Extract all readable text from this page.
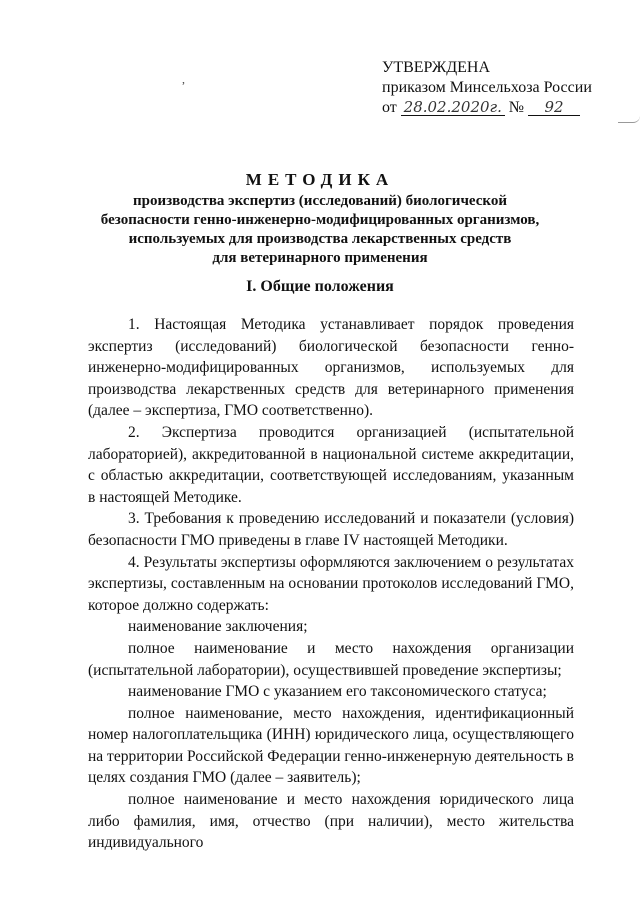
УТВЕРЖДЕНА
приказом Минсельхоза России
от 28.02.2020г. № 92
,
МЕТОДИКА
производства экспертиз (исследований) биологической
безопасности генно-инженерно-модифицированных организмов,
используемых для производства лекарственных средств
для ветеринарного применения
I. Общие положения

1. Настоящая Методика устанавливает порядок проведения экспертиз (исследований) биологической безопасности генно-инженерно-модифицированных организмов, используемых для производства лекарственных средств для ветеринарного применения (далее – экспертиза, ГМО соответственно).

2. Экспертиза проводится организацией (испытательной лабораторией), аккредитованной в национальной системе аккредитации, с областью аккредитации, соответствующей исследованиям, указанным в настоящей Методике.

3. Требования к проведению исследований и показатели (условия) безопасности ГМО приведены в главе IV настоящей Методики.

4. Результаты экспертизы оформляются заключением о результатах экспертизы, составленным на основании протоколов исследований ГМО, которое должно содержать:

наименование заключения;

полное наименование и место нахождения организации (испытательной лаборатории), осуществившей проведение экспертизы;

наименование ГМО с указанием его таксономического статуса;

полное наименование, место нахождения, идентификационный номер налогоплательщика (ИНН) юридического лица, осуществляющего на территории Российской Федерации генно-инженерную деятельность в целях создания ГМО (далее – заявитель);

полное наименование и место нахождения юридического лица либо фамилия, имя, отчество (при наличии), место жительства индивидуального
